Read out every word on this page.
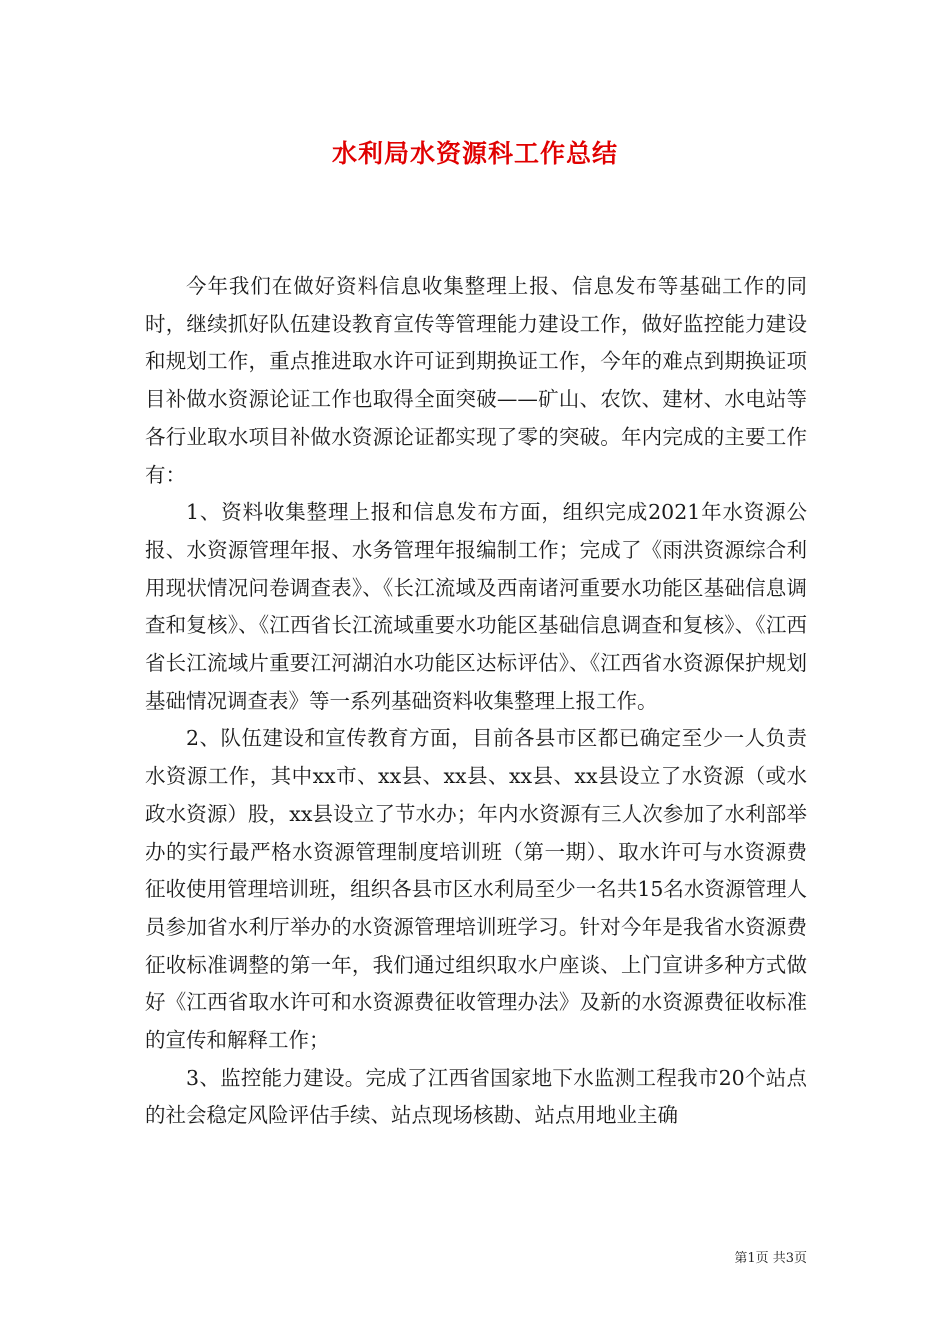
水利局水资源科工作总结

今年我们在做好资料信息收集整理上报、信息发布等基础工作的同时，继续抓好队伍建设教育宣传等管理能力建设工作，做好监控能力建设和规划工作，重点推进取水许可证到期换证工作，今年的难点到期换证项目补做水资源论证工作也取得全面突破——矿山、农饮、建材、水电站等各行业取水项目补做水资源论证都实现了零的突破。年内完成的主要工作有：

1、资料收集整理上报和信息发布方面，组织完成2021年水资源公报、水资源管理年报、水务管理年报编制工作；完成了《雨洪资源综合利用现状情况问卷调查表》、《长江流域及西南诸河重要水功能区基础信息调查和复核》、《江西省长江流域重要水功能区基础信息调查和复核》、《江西省长江流域片重要江河湖泊水功能区达标评估》、《江西省水资源保护规划基础情况调查表》等一系列基础资料收集整理上报工作。

2、队伍建设和宣传教育方面，目前各县市区都已确定至少一人负责水资源工作，其中xx市、xx县、xx县、xx县、xx县设立了水资源（或水政水资源）股，xx县设立了节水办；年内水资源有三人次参加了水利部举办的实行最严格水资源管理制度培训班（第一期）、取水许可与水资源费征收使用管理培训班，组织各县市区水利局至少一名共15名水资源管理人员参加省水利厅举办的水资源管理培训班学习。针对今年是我省水资源费征收标准调整的第一年，我们通过组织取水户座谈、上门宣讲多种方式做好《江西省取水许可和水资源费征收管理办法》及新的水资源费征收标准的宣传和解释工作；

3、监控能力建设。完成了江西省国家地下水监测工程我市20个站点的社会稳定风险评估手续、站点现场核勘、站点用地业主确

第1页 共3页
